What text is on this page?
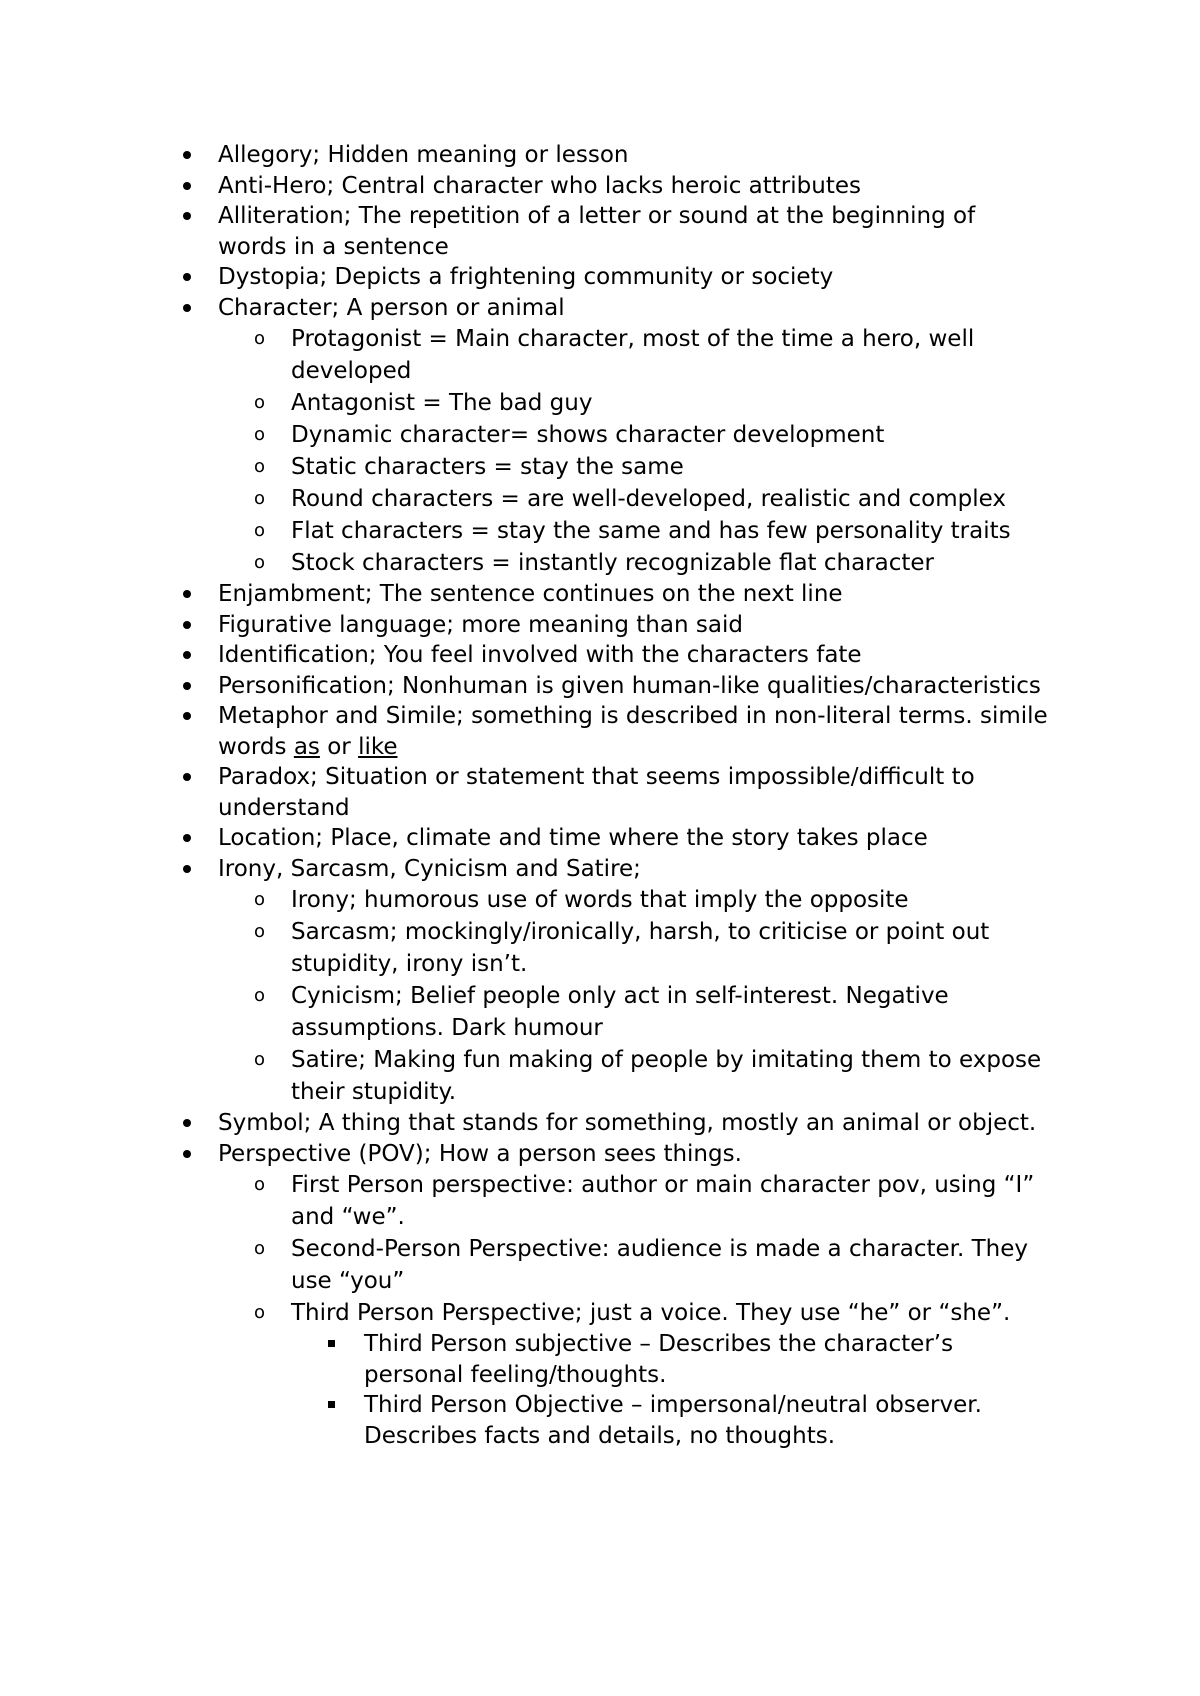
Allegory; Hidden meaning or lesson
Anti-Hero; Central character who lacks heroic attributes
Alliteration; The repetition of a letter or sound at the beginning of words in a sentence
Dystopia; Depicts a frightening community or society
Character; A person or animal
o Protagonist = Main character, most of the time a hero, well developed
o Antagonist = The bad guy
o Dynamic character= shows character development
o Static characters = stay the same
o Round characters = are well-developed, realistic and complex
o Flat characters = stay the same and has few personality traits
o Stock characters = instantly recognizable flat character
Enjambment; The sentence continues on the next line
Figurative language; more meaning than said
Identification; You feel involved with the characters fate
Personification; Nonhuman is given human-like qualities/characteristics
Metaphor and Simile; something is described in non-literal terms. simile words as or like
Paradox; Situation or statement that seems impossible/difficult to understand
Location; Place, climate and time where the story takes place
Irony, Sarcasm, Cynicism and Satire;
o Irony; humorous use of words that imply the opposite
o Sarcasm; mockingly/ironically, harsh, to criticise or point out stupidity, irony isn’t.
o Cynicism; Belief people only act in self-interest. Negative assumptions. Dark humour
o Satire; Making fun making of people by imitating them to expose their stupidity.
Symbol; A thing that stands for something, mostly an animal or object.
Perspective (POV); How a person sees things.
o First Person perspective: author or main character pov, using “I” and “we”.
o Second-Person Perspective: audience is made a character. They use “you”
o Third Person Perspective; just a voice. They use “he” or “she”.
Third Person subjective – Describes the character’s personal feeling/thoughts.
Third Person Objective – impersonal/neutral observer. Describes facts and details, no thoughts.
